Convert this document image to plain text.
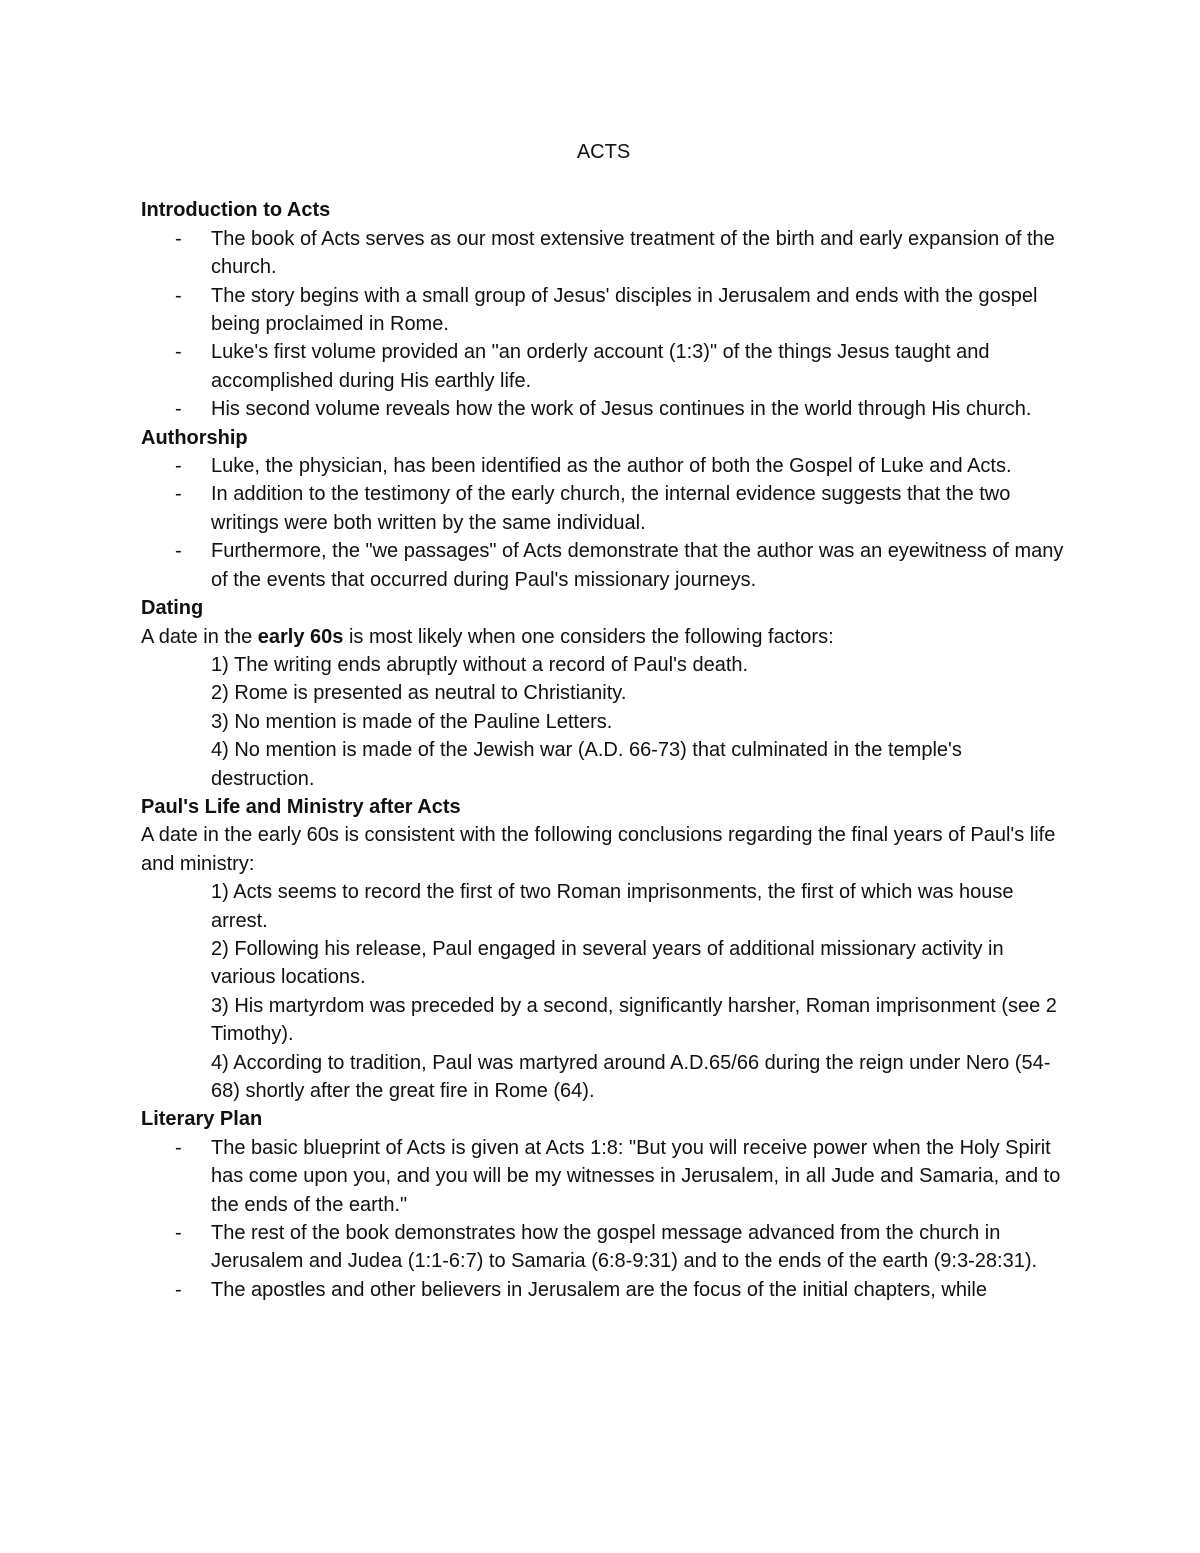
ACTS
Introduction to Acts
- The book of Acts serves as our most extensive treatment of the birth and early expansion of the church.
- The story begins with a small group of Jesus' disciples in Jerusalem and ends with the gospel being proclaimed in Rome.
- Luke's first volume provided an "an orderly account (1:3)" of the things Jesus taught and accomplished during His earthly life.
- His second volume reveals how the work of Jesus continues in the world through His church.
Authorship
- Luke, the physician, has been identified as the author of both the Gospel of Luke and Acts.
- In addition to the testimony of the early church, the internal evidence suggests that the two writings were both written by the same individual.
- Furthermore, the "we passages" of Acts demonstrate that the author was an eyewitness of many of the events that occurred during Paul's missionary journeys.
Dating

A date in the early 60s is most likely when one considers the following factors:

1) The writing ends abruptly without a record of Paul's death.
2) Rome is presented as neutral to Christianity.
3) No mention is made of the Pauline Letters.
4) No mention is made of the Jewish war (A.D. 66-73) that culminated in the temple's destruction.
Paul's Life and Ministry after Acts

A date in the early 60s is consistent with the following conclusions regarding the final years of Paul's life and ministry:

1) Acts seems to record the first of two Roman imprisonments, the first of which was house arrest.
2) Following his release, Paul engaged in several years of additional missionary activity in various locations.
3) His martyrdom was preceded by a second, significantly harsher, Roman imprisonment (see 2 Timothy).
4) According to tradition, Paul was martyred around A.D.65/66 during the reign under Nero (54-68) shortly after the great fire in Rome (64).
Literary Plan
- The basic blueprint of Acts is given at Acts 1:8: "But you will receive power when the Holy Spirit has come upon you, and you will be my witnesses in Jerusalem, in all Jude and Samaria, and to the ends of the earth."
- The rest of the book demonstrates how the gospel message advanced from the church in Jerusalem and Judea (1:1-6:7) to Samaria (6:8-9:31) and to the ends of the earth (9:3-28:31).
- The apostles and other believers in Jerusalem are the focus of the initial chapters, while
